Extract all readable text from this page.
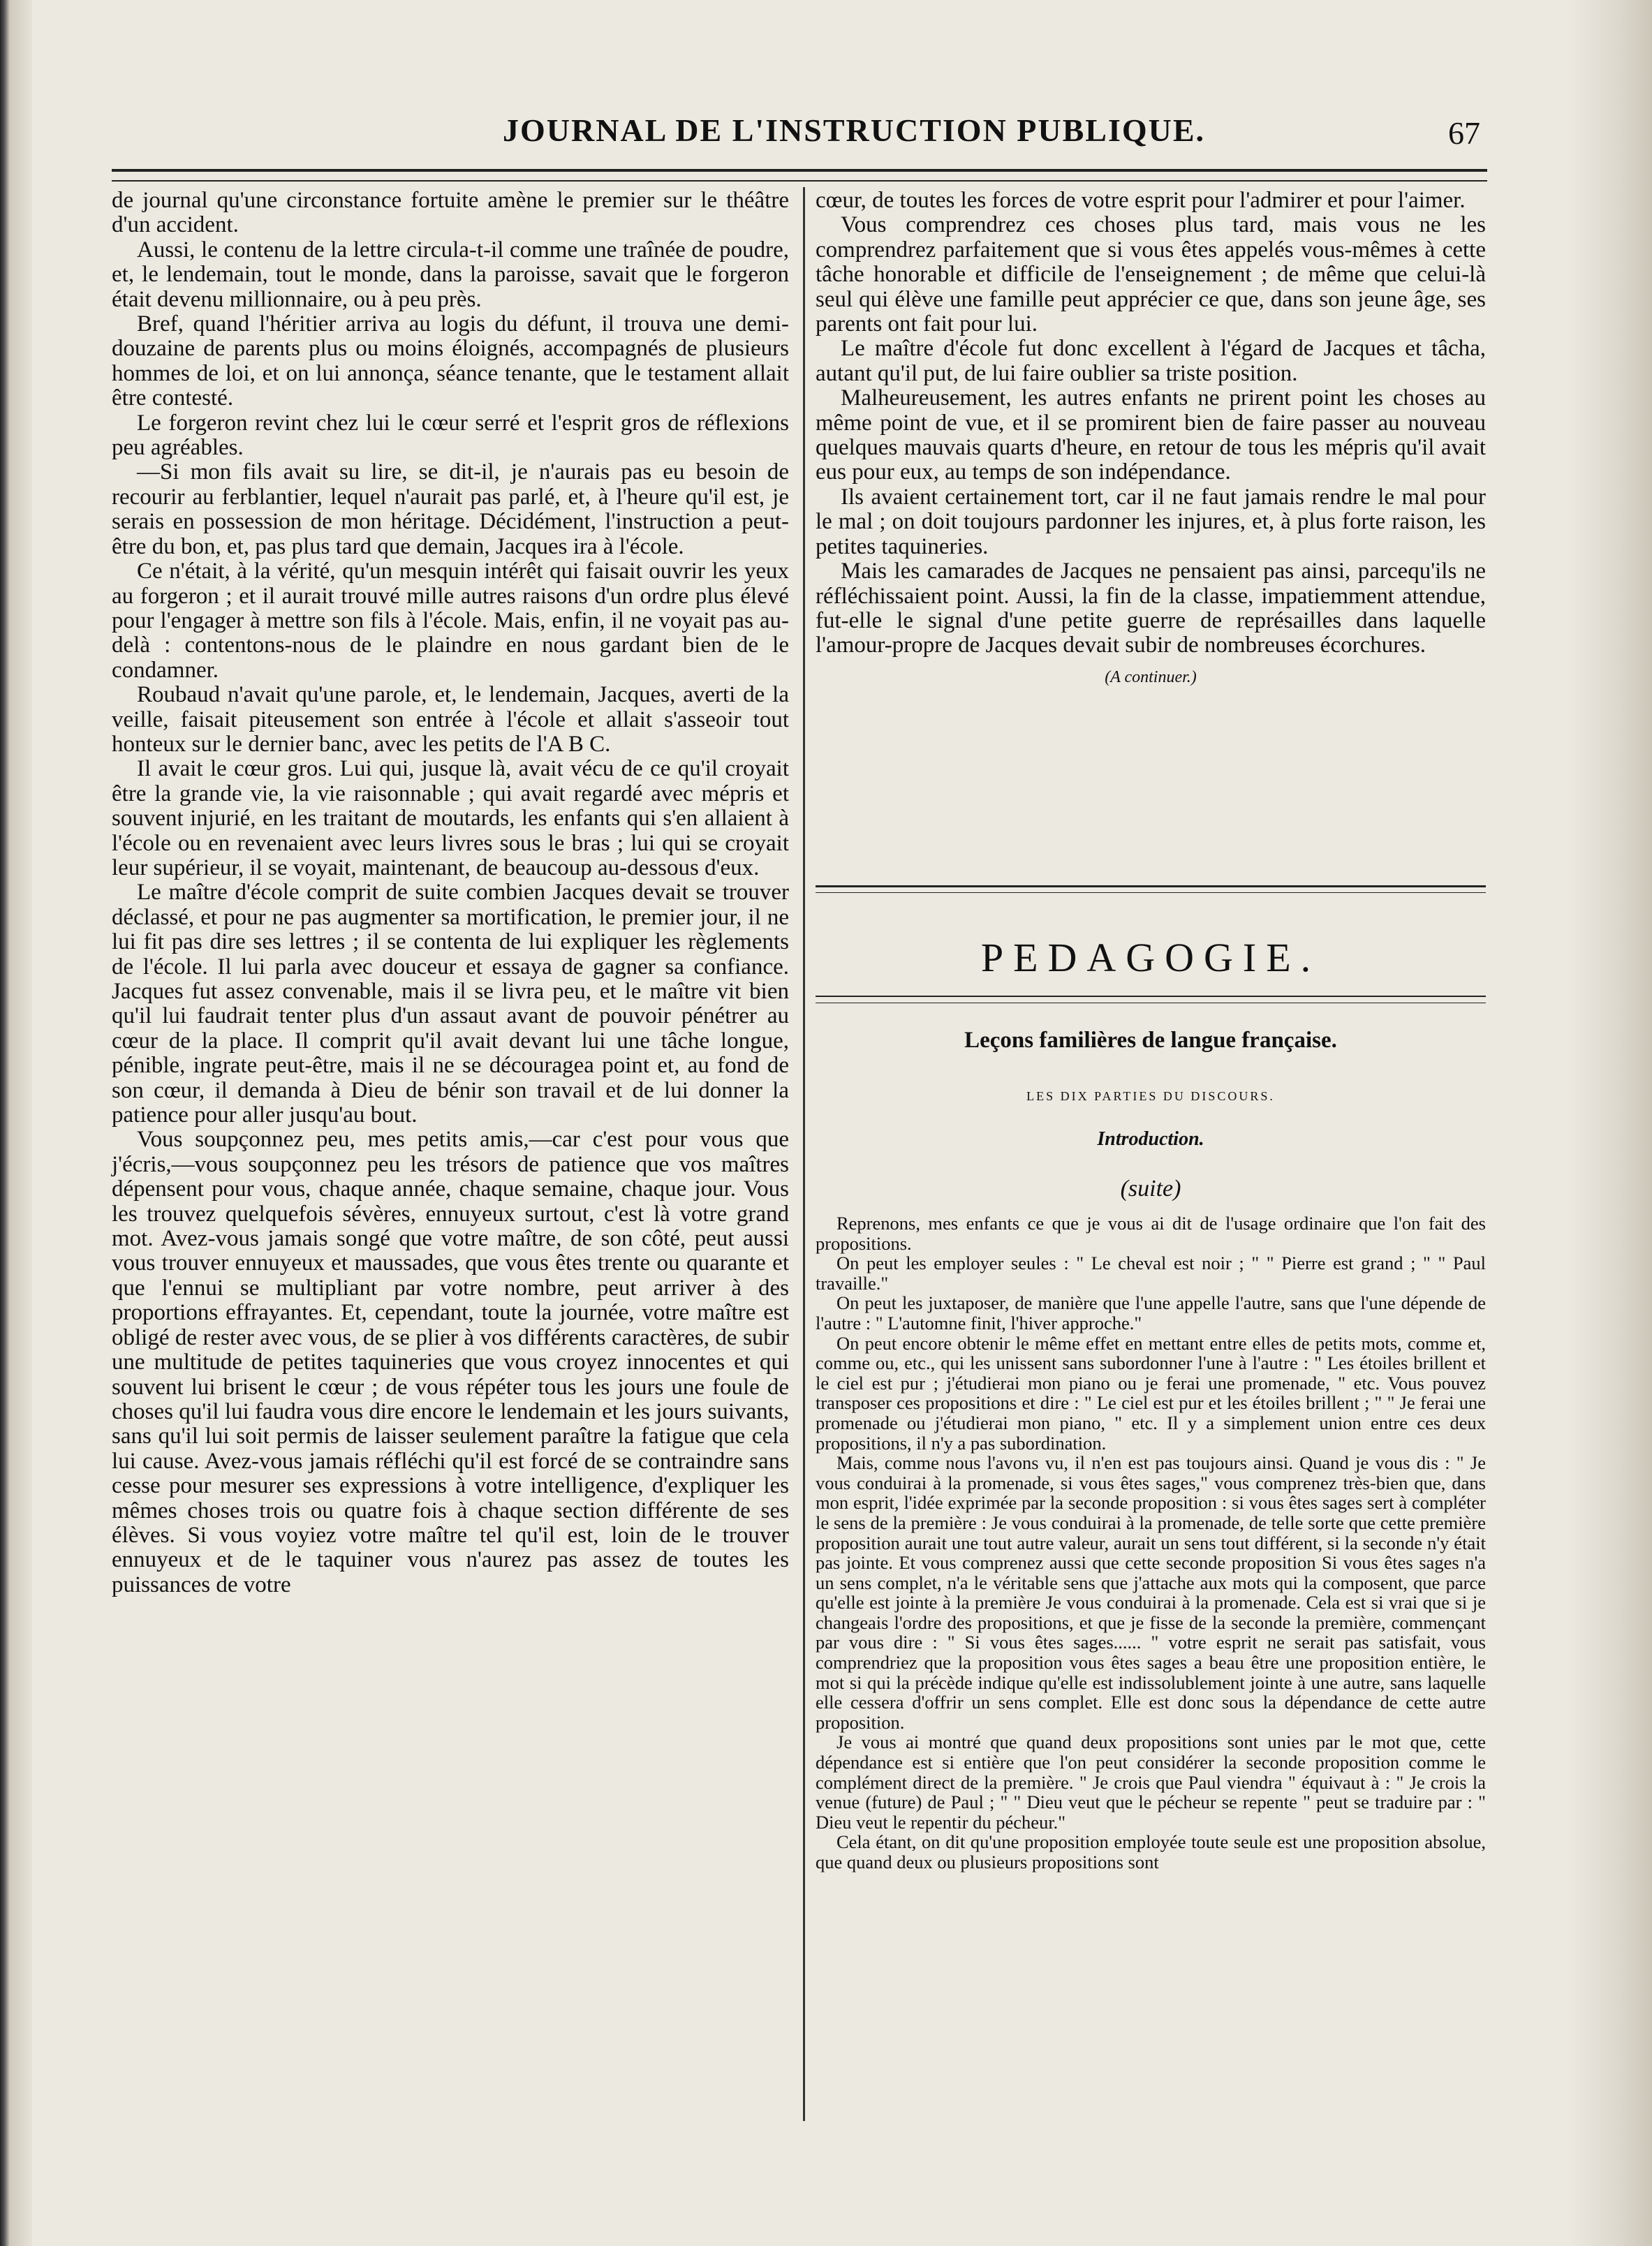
JOURNAL DE L'INSTRUCTION PUBLIQUE.	67

de journal qu'une circonstance fortuite amène le premier sur le théâtre d'un accident.

Aussi, le contenu de la lettre circula-t-il comme une traînée de poudre, et, le lendemain, tout le monde, dans la paroisse, savait que le forgeron était devenu millionnaire, ou à peu près.

Bref, quand l'héritier arriva au logis du défunt, il trouva une demi-douzaine de parents plus ou moins éloignés, accompagnés de plusieurs hommes de loi, et on lui annonça, séance tenante, que le testament allait être contesté.

Le forgeron revint chez lui le cœur serré et l'esprit gros de réflexions peu agréables.

—Si mon fils avait su lire, se dit-il, je n'aurais pas eu besoin de recourir au ferblantier, lequel n'aurait pas parlé, et, à l'heure qu'il est, je serais en possession de mon héritage. Décidément, l'instruction a peut-être du bon, et, pas plus tard que demain, Jacques ira à l'école.

Ce n'était, à la vérité, qu'un mesquin intérêt qui faisait ouvrir les yeux au forgeron ; et il aurait trouvé mille autres raisons d'un ordre plus élevé pour l'engager à mettre son fils à l'école. Mais, enfin, il ne voyait pas au-delà : contentons-nous de le plaindre en nous gardant bien de le condamner.

Roubaud n'avait qu'une parole, et, le lendemain, Jacques, averti de la veille, faisait piteusement son entrée à l'école et allait s'asseoir tout honteux sur le dernier banc, avec les petits de l'A B C.

Il avait le cœur gros. Lui qui, jusque là, avait vécu de ce qu'il croyait être la grande vie, la vie raisonnable ; qui avait regardé avec mépris et souvent injurié, en les traitant de moutards, les enfants qui s'en allaient à l'école ou en revenaient avec leurs livres sous le bras ; lui qui se croyait leur supérieur, il se voyait, maintenant, de beaucoup au-dessous d'eux.

Le maître d'école comprit de suite combien Jacques devait se trouver déclassé, et pour ne pas augmenter sa mortification, le premier jour, il ne lui fit pas dire ses lettres ; il se contenta de lui expliquer les règlements de l'école. Il lui parla avec douceur et essaya de gagner sa confiance. Jacques fut assez convenable, mais il se livra peu, et le maître vit bien qu'il lui faudrait tenter plus d'un assaut avant de pouvoir pénétrer au cœur de la place. Il comprit qu'il avait devant lui une tâche longue, pénible, ingrate peut-être, mais il ne se découragea point et, au fond de son cœur, il demanda à Dieu de bénir son travail et de lui donner la patience pour aller jusqu'au bout.

Vous soupçonnez peu, mes petits amis,—car c'est pour vous que j'écris,—vous soupçonnez peu les trésors de patience que vos maîtres dépensent pour vous, chaque année, chaque semaine, chaque jour. Vous les trouvez quelquefois sévères, ennuyeux surtout, c'est là votre grand mot. Avez-vous jamais songé que votre maître, de son côté, peut aussi vous trouver ennuyeux et maussades, que vous êtes trente ou quarante et que l'ennui se multipliant par votre nombre, peut arriver à des proportions effrayantes. Et, cependant, toute la journée, votre maître est obligé de rester avec vous, de se plier à vos différents caractères, de subir une multitude de petites taquineries que vous croyez innocentes et qui souvent lui brisent le cœur ; de vous répéter tous les jours une foule de choses qu'il lui faudra vous dire encore le lendemain et les jours suivants, sans qu'il lui soit permis de laisser seulement paraître la fatigue que cela lui cause. Avez-vous jamais réfléchi qu'il est forcé de se contraindre sans cesse pour mesurer ses expressions à votre intelligence, d'expliquer les mêmes choses trois ou quatre fois à chaque section différente de ses élèves. Si vous voyiez votre maître tel qu'il est, loin de le trouver ennuyeux et de le taquiner vous n'aurez pas assez de toutes les puissances de votre

cœur, de toutes les forces de votre esprit pour l'admirer et pour l'aimer.

Vous comprendrez ces choses plus tard, mais vous ne les comprendrez parfaitement que si vous êtes appelés vous-mêmes à cette tâche honorable et difficile de l'enseignement ; de même que celui-là seul qui élève une famille peut apprécier ce que, dans son jeune âge, ses parents ont fait pour lui.

Le maître d'école fut donc excellent à l'égard de Jacques et tâcha, autant qu'il put, de lui faire oublier sa triste position.

Malheureusement, les autres enfants ne prirent point les choses au même point de vue, et il se promirent bien de faire passer au nouveau quelques mauvais quarts d'heure, en retour de tous les mépris qu'il avait eus pour eux, au temps de son indépendance.

Ils avaient certainement tort, car il ne faut jamais rendre le mal pour le mal ; on doit toujours pardonner les injures, et, à plus forte raison, les petites taquineries.

Mais les camarades de Jacques ne pensaient pas ainsi, parcequ'ils ne réfléchissaient point. Aussi, la fin de la classe, impatiemment attendue, fut-elle le signal d'une petite guerre de représailles dans laquelle l'amour-propre de Jacques devait subir de nombreuses écorchures.

(A continuer.)
PEDAGOGIE.
Leçons familières de langue française.
LES DIX PARTIES DU DISCOURS.
Introduction.
(suite)

Reprenons, mes enfants ce que je vous ai dit de l'usage ordinaire que l'on fait des propositions.

On peut les employer seules : " Le cheval est noir ; " " Pierre est grand ; " " Paul travaille."

On peut les juxtaposer, de manière que l'une appelle l'autre, sans que l'une dépende de l'autre : " L'automne finit, l'hiver approche."

On peut encore obtenir le même effet en mettant entre elles de petits mots, comme et, comme ou, etc., qui les unissent sans subordonner l'une à l'autre : " Les étoiles brillent et le ciel est pur ; j'étudierai mon piano ou je ferai une promenade, " etc. Vous pouvez transposer ces propositions et dire : " Le ciel est pur et les étoiles brillent ; " " Je ferai une promenade ou j'étudierai mon piano, " etc. Il y a simplement union entre ces deux propositions, il n'y a pas subordination.

Mais, comme nous l'avons vu, il n'en est pas toujours ainsi. Quand je vous dis : " Je vous conduirai à la promenade, si vous êtes sages," vous comprenez très-bien que, dans mon esprit, l'idée exprimée par la seconde proposition : si vous êtes sages sert à compléter le sens de la première : Je vous conduirai à la promenade, de telle sorte que cette première proposition aurait une tout autre valeur, aurait un sens tout différent, si la seconde n'y était pas jointe. Et vous comprenez aussi que cette seconde proposition Si vous êtes sages n'a un sens complet, n'a le véritable sens que j'attache aux mots qui la composent, que parce qu'elle est jointe à la première Je vous conduirai à la promenade. Cela est si vrai que si je changeais l'ordre des propositions, et que je fisse de la seconde la première, commençant par vous dire : " Si vous êtes sages...... " votre esprit ne serait pas satisfait, vous comprendriez que la proposition vous êtes sages a beau être une proposition entière, le mot si qui la précède indique qu'elle est indissolublement jointe à une autre, sans laquelle elle cessera d'offrir un sens complet. Elle est donc sous la dépendance de cette autre proposition.

Je vous ai montré que quand deux propositions sont unies par le mot que, cette dépendance est si entière que l'on peut considérer la seconde proposition comme le complément direct de la première. " Je crois que Paul viendra " équivaut à : " Je crois la venue (future) de Paul ; " " Dieu veut que le pécheur se repente " peut se traduire par : " Dieu veut le repentir du pécheur."

Cela étant, on dit qu'une proposition employée toute seule est une proposition absolue, que quand deux ou plusieurs propositions sont
